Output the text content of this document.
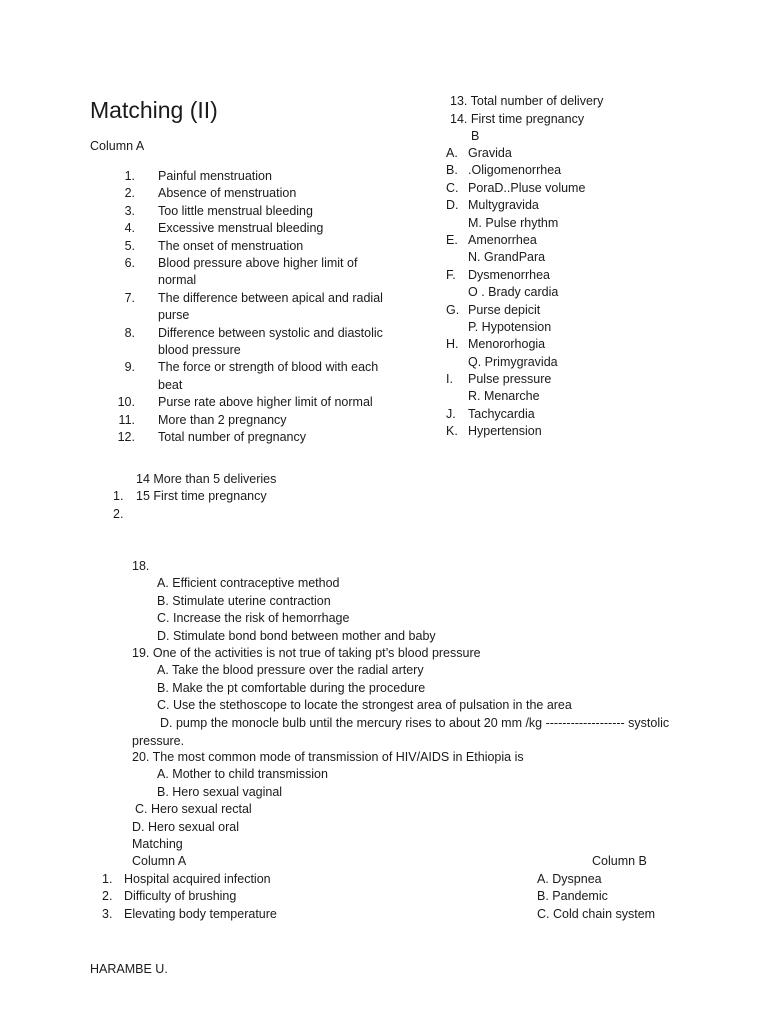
Matching (II)
Column A
1. Painful menstruation
2. Absence of menstruation
3. Too little menstrual bleeding
4. Excessive menstrual bleeding
5. The onset of menstruation
6. Blood pressure above higher limit of normal
7. The difference between apical and radial purse
8. Difference between systolic and diastolic blood pressure
9. The force or strength of blood with each beat
10. Purse rate above higher limit of normal
11. More than 2 pregnancy
12. Total number of pregnancy
13. Total number of delivery
14. First time pregnancy
B
A. Gravida
B. .Oligomenorrhea
C. PoraD..Pluse volume
D. Multygravida
M. Pulse rhythm
E. Amenorrhea
N. GrandPara
F. Dysmenorrhea
O . Brady cardia
G. Purse depicit
P. Hypotension
H. Menororhogia
Q. Primygravida
I. Pulse pressure
R. Menarche
J. Tachycardia
K. Hypertension
14 More than 5 deliveries
1. 15 First time pregnancy
2.
18.
A. Efficient contraceptive method
B. Stimulate uterine contraction
C. Increase the risk of hemorrhage
D. Stimulate bond bond between mother and baby
19. One of the activities is not true of taking pt’s blood pressure
A. Take the blood pressure over the radial artery
B. Make the pt comfortable during the procedure
C. Use the stethoscope to locate the strongest area of pulsation in the area
D. pump the monocle bulb until the mercury rises to about 20 mm /kg ------------------- systolic
pressure.
20. The most common mode of transmission of HIV/AIDS in Ethiopia is
A. Mother to child transmission
B. Hero sexual vaginal
C. Hero sexual rectal
D. Hero sexual oral
Matching
Column A	Column B
1. Hospital acquired infection
2. Difficulty of brushing
3. Elevating body temperature
A. Dyspnea
B. Pandemic
C. Cold chain system
HARAMBE U.
